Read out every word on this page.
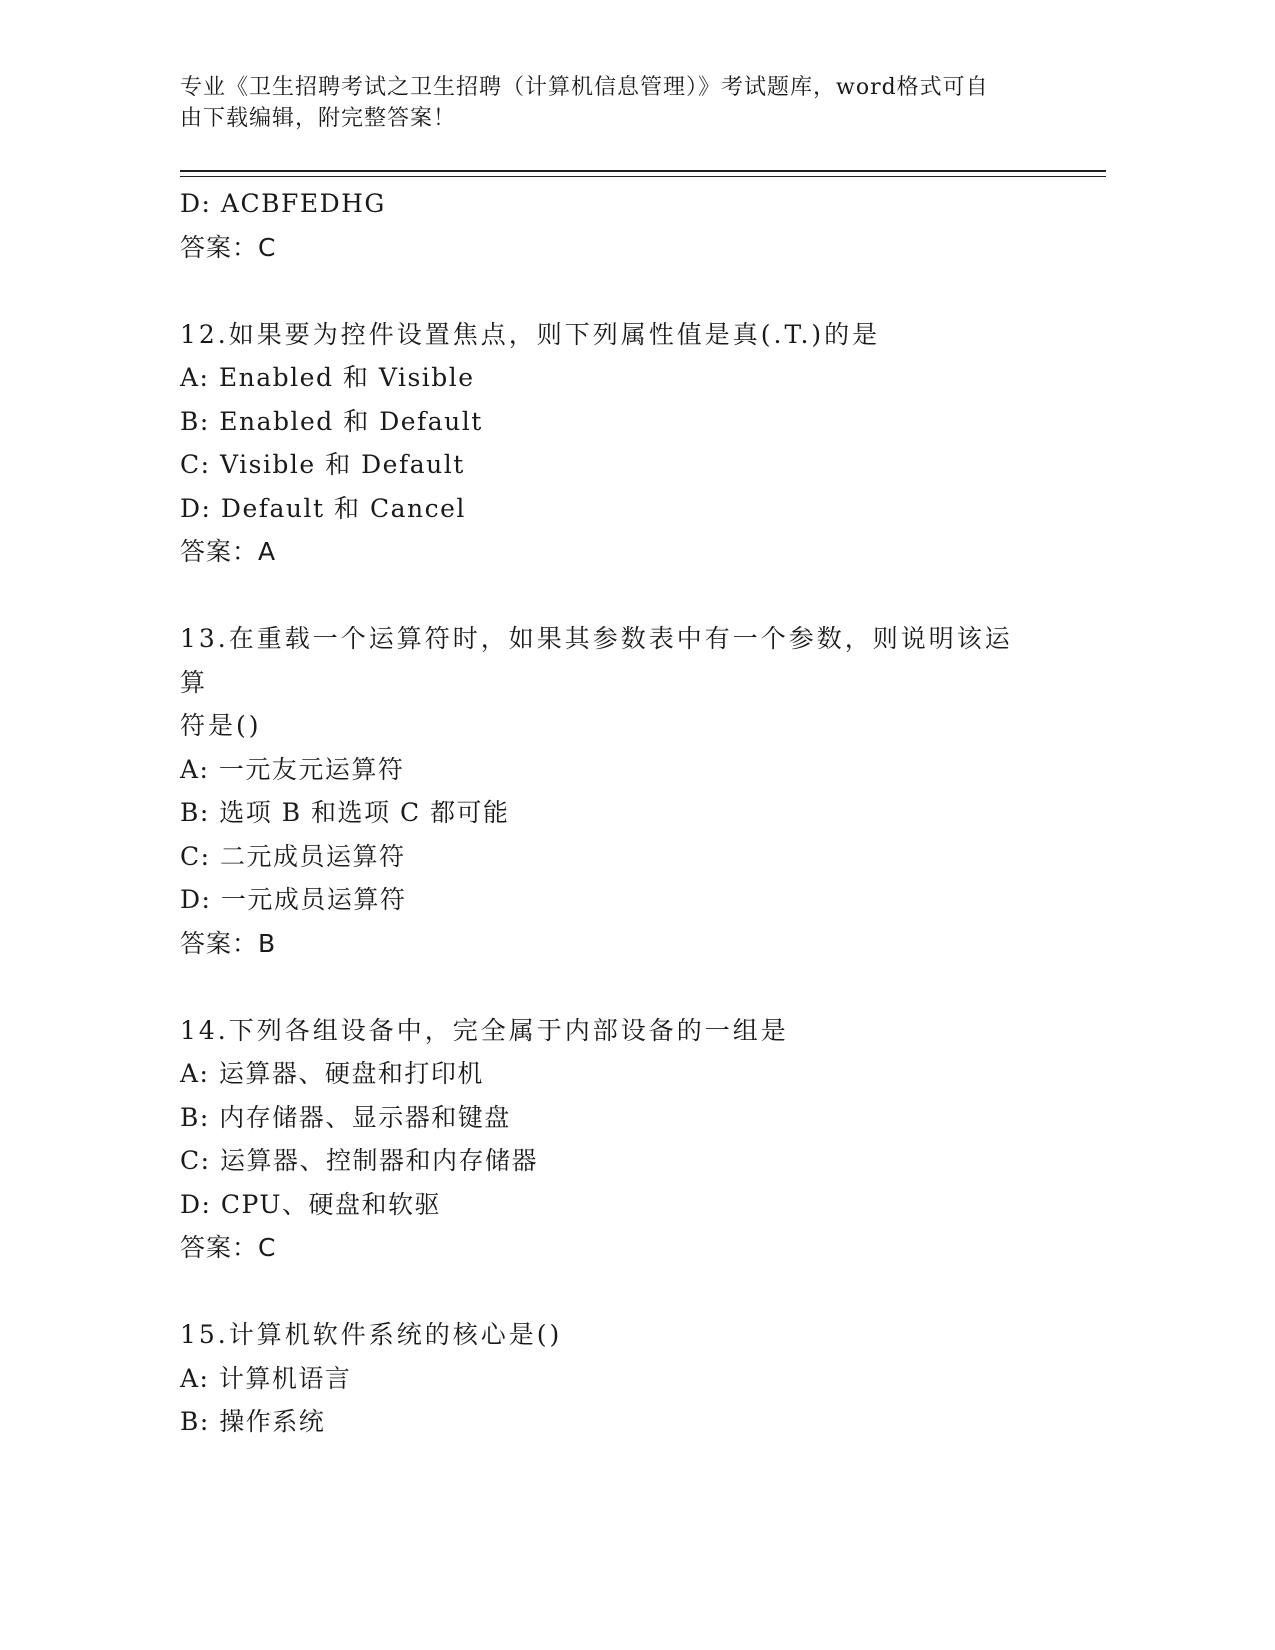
专业《卫生招聘考试之卫生招聘（计算机信息管理）》考试题库，word格式可自
由下载编辑，附完整答案！
D: ACBFEDHG
答案：C
12.如果要为控件设置焦点，则下列属性值是真(.T.)的是
A: Enabled 和 Visible
B: Enabled 和 Default
C: Visible 和 Default
D: Default 和 Cancel
答案：A
13.在重载一个运算符时，如果其参数表中有一个参数，则说明该运算
符是()
A: 一元友元运算符
B: 选项 B 和选项 C 都可能
C: 二元成员运算符
D: 一元成员运算符
答案：B
14.下列各组设备中，完全属于内部设备的一组是
A: 运算器、硬盘和打印机
B: 内存储器、显示器和键盘
C: 运算器、控制器和内存储器
D: CPU、硬盘和软驱
答案：C
15.计算机软件系统的核心是()
A: 计算机语言
B: 操作系统
